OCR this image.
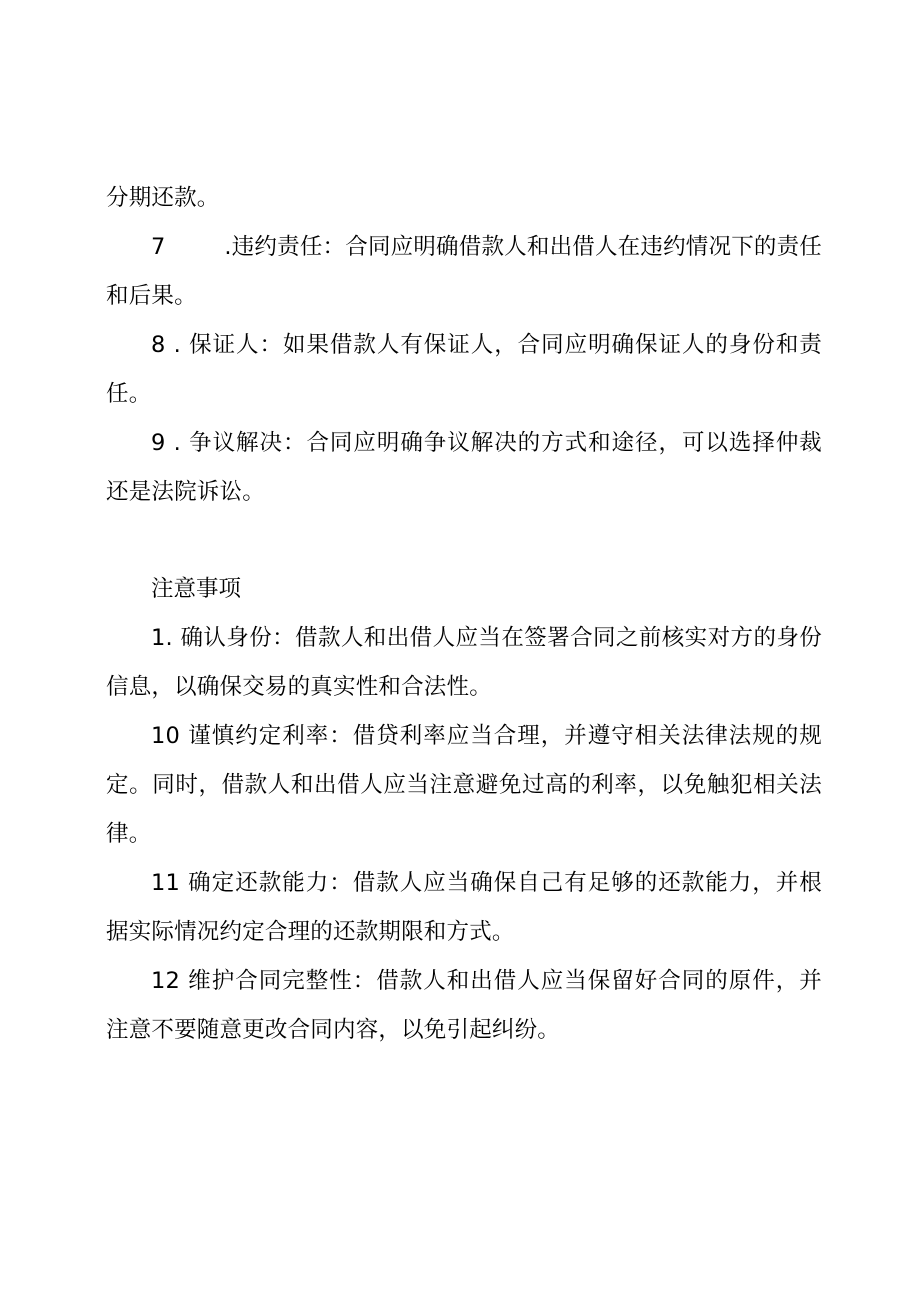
分期还款。

7        .违约责任：合同应明确借款人和出借人在违约情况下的责任和后果。

8 . 保证人：如果借款人有保证人，合同应明确保证人的身份和责任。

9 . 争议解决：合同应明确争议解决的方式和途径，可以选择仲裁还是法院诉讼。

注意事项

1. 确认身份：借款人和出借人应当在签署合同之前核实对方的身份信息，以确保交易的真实性和合法性。

10 谨慎约定利率：借贷利率应当合理，并遵守相关法律法规的规定。同时，借款人和出借人应当注意避免过高的利率，以免触犯相关法律。

11 确定还款能力：借款人应当确保自己有足够的还款能力，并根据实际情况约定合理的还款期限和方式。

12 维护合同完整性：借款人和出借人应当保留好合同的原件，并注意不要随意更改合同内容，以免引起纠纷。
